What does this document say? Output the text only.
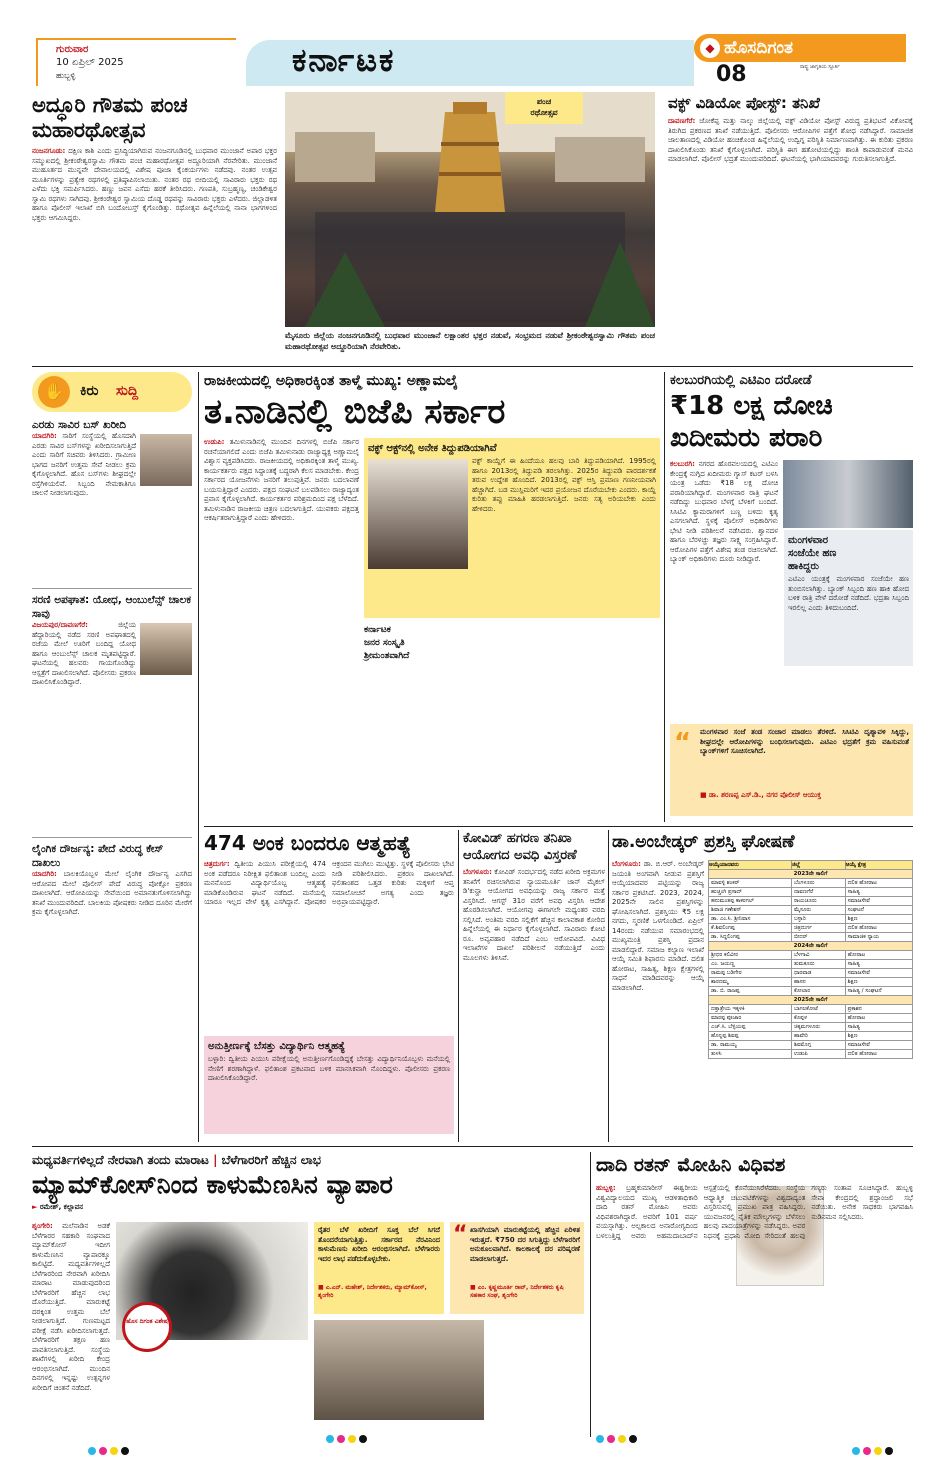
ಗುರುವಾರ
10 ಏಪ್ರಿಲ್ 2025
ಹುಬ್ಬಳ್ಳಿ	ಕರ್ನಾಟಕ	◆ ಹೊಸದಿಗಂತ
ರಾಷ್ಟ್ರ ಜಾಗೃತಿಯ ಸ್ಫೂರ್ತಿ
08
ಅದ್ಧೂರಿ ಗೌತಮ ಪಂಚ ಮಹಾರಥೋತ್ಸವ
ನಂಜನಗೂಡು: ದಕ್ಷಿಣ ಕಾಶಿ ಎಂದು ಪ್ರಸಿದ್ಧಿಯಾಗಿರುವ ನಂಜನಗೂಡಿನಲ್ಲಿ ಬುಧವಾರ ಮುಂಜಾನೆ ಅಪಾರ ಭಕ್ತರ ಸಮ್ಮುಖದಲ್ಲಿ ಶ್ರೀಕಂಠೇಶ್ವರಸ್ವಾಮಿ ಗೌತಮ ಪಂಚ ಮಹಾರಥೋತ್ಸವ ಅದ್ದೂರಿಯಾಗಿ ನೆರವೇರಿತು. ಮುಂಜಾನೆ ಮುಹೂರ್ತದ ಮುನ್ನವೇ ದೇವಾಲಯದಲ್ಲಿ ವಿಶೇಷ ಪೂಜಾ ಕೈಂಕರ್ಯಗಳು ನಡೆದವು. ನಂತರ ಉತ್ಸವ ಮೂರ್ತಿಗಳನ್ನು ಪ್ರತ್ಯೇಕ ರಥಗಳಲ್ಲಿ ಪ್ರತಿಷ್ಠಾಪಿಸಲಾಯಿತು. ನಂತರ ರಥ ಬೀದಿಯಲ್ಲಿ ಸಾವಿರಾರು ಭಕ್ತರು ರಥ ಎಳೆದು ಭಕ್ತಿ ಸಮರ್ಪಿಸಿದರು. ಹಣ್ಣು ಜವನ ಎಸೆದು ಹರಕೆ ತೀರಿಸಿದರು. ಗಣಪತಿ, ಸುಬ್ರಹ್ಮಣ್ಯ, ಚಂಡಿಕೇಶ್ವರ ಸ್ವಾಮಿ ರಥಗಳು ಸಾಗಿದವು. ಶ್ರೀಕಂಠೇಶ್ವರ ಸ್ವಾಮಿಯ ದೊಡ್ಡ ರಥವನ್ನು ಸಾವಿರಾರು ಭಕ್ತರು ಎಳೆದರು. ಜಿಲ್ಲಾಡಳಿತ ಹಾಗೂ ಪೊಲೀಸ್ ಇಲಾಖೆ ಬಿಗಿ ಬಂದೋಬಸ್ತ್ ಕೈಗೊಂಡಿತ್ತು. ರಥೋತ್ಸವ ಹಿನ್ನೆಲೆಯಲ್ಲಿ ನಾನಾ ಭಾಗಗಳಿಂದ ಭಕ್ತರು ಆಗಮಿಸಿದ್ದರು.
ಪಂಚ
ರಥೋತ್ಸವ
ಮೈಸೂರು ಜಿಲ್ಲೆಯ ನಂಜನಗೂಡಿನಲ್ಲಿ ಬುಧವಾರ ಮುಂಜಾನೆ ಲಕ್ಷಾಂತರ ಭಕ್ತರ ನಡುವೆ, ಸಂಭ್ರಮದ ನಡುವೆ ಶ್ರೀಕಂಠೇಶ್ವರಸ್ವಾಮಿ ಗೌತಮ ಪಂಚ ಮಹಾರಥೋತ್ಸವ ಅದ್ದೂರಿಯಾಗಿ ನೆರವೇರಿತು.
ವಕ್ಫ್ ವಿಡಿಯೋ ಪೋಸ್ಟ್: ತನಿಖೆ
ದಾವಣಗೆರೆ: ಜೋಕೆಪ್ಪ ಮತ್ತು ನಾಲ್ಕು ಜಿಲ್ಲೆಯಲ್ಲಿ ವಕ್ಫ್ ವಿಡಿಯೋ ಪೋಸ್ಟ್ ವಿರುದ್ಧ ಪ್ರತಿಭಟನೆ ವಿಕೋಪಕ್ಕೆ ತಿರುಗಿದ ಪ್ರಕರಣದ ತನಿಖೆ ನಡೆಯುತ್ತಿದೆ. ಪೊಲೀಸರು ಆರೋಪಿಗಳ ಪತ್ತೆಗೆ ಶೋಧ ನಡೆಸಿದ್ದಾರೆ. ಸಾಮಾಜಿಕ ಜಾಲತಾಣದಲ್ಲಿ ವಿಡಿಯೋ ಹಂಚಿಕೊಂಡ ಹಿನ್ನೆಲೆಯಲ್ಲಿ ಉದ್ವಿಗ್ನ ಪರಿಸ್ಥಿತಿ ನಿರ್ಮಾಣವಾಗಿತ್ತು. ಈ ಕುರಿತು ಪ್ರಕರಣ ದಾಖಲಿಸಿಕೊಂಡು ತನಿಖೆ ಕೈಗೊಳ್ಳಲಾಗಿದೆ. ಪರಿಸ್ಥಿತಿ ಈಗ ಹತೋಟಿಯಲ್ಲಿದ್ದು ಶಾಂತಿ ಕಾಪಾಡುವಂತೆ ಮನವಿ ಮಾಡಲಾಗಿದೆ. ಪೊಲೀಸ್ ಭದ್ರತೆ ಮುಂದುವರಿದಿದೆ. ಘಟನೆಯಲ್ಲಿ ಭಾಗಿಯಾದವರನ್ನು ಗುರುತಿಸಲಾಗುತ್ತಿದೆ.
✋	ಕಿರು ಸುದ್ದಿ
ಎರಡು ಸಾವಿರ ಬಸ್ ಖರೀದಿ
ಯಾದಗಿರಿ: ಸಾರಿಗೆ ಸಂಸ್ಥೆಯಲ್ಲಿ ಹೊಸದಾಗಿ ಎರಡು ಸಾವಿರ ಬಸ್‌ಗಳನ್ನು ಖರೀದಿಸಲಾಗುತ್ತಿದೆ ಎಂದು ಸಾರಿಗೆ ಸಚಿವರು ತಿಳಿಸಿದರು. ಗ್ರಾಮೀಣ ಭಾಗದ ಜನರಿಗೆ ಉತ್ತಮ ಸೇವೆ ನೀಡಲು ಕ್ರಮ ಕೈಗೊಳ್ಳಲಾಗಿದೆ. ಹೊಸ ಬಸ್‌ಗಳು ಶೀಘ್ರದಲ್ಲೇ ರಸ್ತೆಗಿಳಿಯಲಿವೆ. ಸಿಬ್ಬಂದಿ ನೇಮಕಾತಿಗೂ ಚಾಲನೆ ನೀಡಲಾಗುವುದು.
ಸರಣಿ ಅಪಘಾತ: ಯೋಧ, ಆಂಬುಲೆನ್ಸ್ ಚಾಲಕ ಸಾವು
ವಿಜಯಪುರ/ದಾವಣಗೆರೆ:	ಜಿಲ್ಲೆಯ ಹೆದ್ದಾರಿಯಲ್ಲಿ ನಡೆದ ಸರಣಿ ಅಪಘಾತದಲ್ಲಿ ರಜೆಯ ಮೇಲೆ ಊರಿಗೆ ಬಂದಿದ್ದ ಯೋಧ ಹಾಗೂ ಆಂಬುಲೆನ್ಸ್ ಚಾಲಕ ಮೃತಪಟ್ಟಿದ್ದಾರೆ. ಘಟನೆಯಲ್ಲಿ ಹಲವರು ಗಾಯಗೊಂಡಿದ್ದು ಆಸ್ಪತ್ರೆಗೆ ದಾಖಲಿಸಲಾಗಿದೆ. ಪೊಲೀಸರು ಪ್ರಕರಣ ದಾಖಲಿಸಿಕೊಂಡಿದ್ದಾರೆ.
ಲೈಂಗಿಕ ದೌರ್ಜನ್ಯ: ಪೇದೆ ವಿರುದ್ಧ ಕೇಸ್ ದಾಖಲು
ಯಾದಗಿರಿ: ಬಾಲಕಿಯೊಬ್ಬಳ ಮೇಲೆ ಲೈಂಗಿಕ ದೌರ್ಜನ್ಯ ಎಸಗಿದ ಆರೋಪದ ಮೇಲೆ ಪೊಲೀಸ್ ಪೇದೆ ವಿರುದ್ಧ ಪೋಕ್ಸೋ ಪ್ರಕರಣ ದಾಖಲಾಗಿದೆ. ಆರೋಪಿಯನ್ನು ಸೇವೆಯಿಂದ ಅಮಾನತುಗೊಳಿಸಲಾಗಿದ್ದು ತನಿಖೆ ಮುಂದುವರಿದಿದೆ. ಬಾಲಕಿಯ ಪೋಷಕರು ನೀಡಿದ ದೂರಿನ ಮೇರೆಗೆ ಕ್ರಮ ಕೈಗೊಳ್ಳಲಾಗಿದೆ.
ರಾಜಕೀಯದಲ್ಲಿ ಅಧಿಕಾರಕ್ಕಿಂತ ತಾಳ್ಮೆ ಮುಖ್ಯ: ಅಣ್ಣಾಮಲೈ
ತ.ನಾಡಿನಲ್ಲಿ ಬಿಜೆಪಿ ಸರ್ಕಾರ
ಉಡುಪಿ: ತಮಿಳುನಾಡಿನಲ್ಲಿ ಮುಂದಿನ ದಿನಗಳಲ್ಲಿ ಬಿಜೆಪಿ ಸರ್ಕಾರ ರಚನೆಯಾಗಲಿದೆ ಎಂದು ಬಿಜೆಪಿ ತಮಿಳುನಾಡು ರಾಜ್ಯಾಧ್ಯಕ್ಷ ಅಣ್ಣಾಮಲೈ ವಿಶ್ವಾಸ ವ್ಯಕ್ತಪಡಿಸಿದರು. ರಾಜಕೀಯದಲ್ಲಿ ಅಧಿಕಾರಕ್ಕಿಂತ ತಾಳ್ಮೆ ಮುಖ್ಯ. ಕಾರ್ಯಕರ್ತರು ಪಕ್ಷದ ಸಿದ್ಧಾಂತಕ್ಕೆ ಬದ್ಧರಾಗಿ ಕೆಲಸ ಮಾಡಬೇಕು. ಕೇಂದ್ರ ಸರ್ಕಾರದ ಯೋಜನೆಗಳು ಜನರಿಗೆ ತಲುಪುತ್ತಿವೆ. ಜನರು ಬದಲಾವಣೆ ಬಯಸುತ್ತಿದ್ದಾರೆ ಎಂದರು. ಪಕ್ಷದ ಸಂಘಟನೆ ಬಲಪಡಿಸಲು ರಾಜ್ಯಾದ್ಯಂತ ಪ್ರವಾಸ ಕೈಗೊಳ್ಳಲಾಗಿದೆ. ಕಾರ್ಯಕರ್ತರ ಪರಿಶ್ರಮದಿಂದ ಪಕ್ಷ ಬೆಳೆದಿದೆ. ತಮಿಳುನಾಡಿನ ರಾಜಕೀಯ ಚಿತ್ರಣ ಬದಲಾಗುತ್ತಿದೆ. ಯುವಕರು ಪಕ್ಷದತ್ತ ಆಕರ್ಷಿತರಾಗುತ್ತಿದ್ದಾರೆ ಎಂದು ಹೇಳಿದರು.
ವಕ್ಫ್ ಆಕ್ಟ್‌ನಲ್ಲಿ ಅನೇಕ ತಿದ್ದುಪಡಿಯಾಗಿವೆ
ವಕ್ಫ್ ಕಾಯ್ದೆಗೆ ಈ ಹಿಂದೆಯೂ ಹಲವು ಬಾರಿ ತಿದ್ದುಪಡಿಯಾಗಿದೆ. 1995ರಲ್ಲಿ ಹಾಗೂ 2013ರಲ್ಲಿ ತಿದ್ದುಪಡಿ ತರಲಾಗಿತ್ತು. 2025ರ ತಿದ್ದುಪಡಿ ಪಾರದರ್ಶಕತೆ ತರುವ ಉದ್ದೇಶ ಹೊಂದಿದೆ. 2013ರಲ್ಲಿ ವಕ್ಫ್ ಆಸ್ತಿ ಪ್ರಮಾಣ ಗಣನೀಯವಾಗಿ ಹೆಚ್ಚಾಗಿದೆ. ಬಡ ಮುಸ್ಲಿಮರಿಗೆ ಇದರ ಪ್ರಯೋಜನ ದೊರೆಯಬೇಕು ಎಂದರು. ಕಾಯ್ದೆ ಕುರಿತು ತಪ್ಪು ಮಾಹಿತಿ ಹರಡಲಾಗುತ್ತಿದೆ. ಜನರು ಸತ್ಯ ಅರಿಯಬೇಕು ಎಂದು ಹೇಳಿದರು.
ಕರ್ನಾಟಕ
ಜನರ ಸಂಸ್ಕೃತಿ
ಶ್ರೀಮಂತವಾಗಿದೆ
ಕಲಬುರಗಿಯಲ್ಲಿ ಎಟಿಎಂ ದರೋಡೆ
₹18 ಲಕ್ಷ ದೋಚಿ ಖದೀಮರು ಪರಾರಿ
ಕಲಬುರಗಿ: ನಗರದ ಹೊರವಲಯದಲ್ಲಿ ಎಟಿಎಂ ಕೇಂದ್ರಕ್ಕೆ ನುಗ್ಗಿದ ಖದೀಮರು ಗ್ಯಾಸ್ ಕಟರ್ ಬಳಸಿ ಯಂತ್ರ ಒಡೆದು ₹18 ಲಕ್ಷ ದೋಚಿ ಪರಾರಿಯಾಗಿದ್ದಾರೆ. ಮಂಗಳವಾರ ರಾತ್ರಿ ಘಟನೆ ನಡೆದಿದ್ದು ಬುಧವಾರ ಬೆಳಗ್ಗೆ ಬೆಳಕಿಗೆ ಬಂದಿದೆ. ಸಿಸಿಟಿವಿ ಕ್ಯಾಮರಾಗಳಿಗೆ ಬಣ್ಣ ಬಳಿದು ಕೃತ್ಯ ಎಸಗಲಾಗಿದೆ. ಸ್ಥಳಕ್ಕೆ ಪೊಲೀಸ್ ಅಧಿಕಾರಿಗಳು ಭೇಟಿ ನೀಡಿ ಪರಿಶೀಲನೆ ನಡೆಸಿದರು. ಶ್ವಾನದಳ ಹಾಗೂ ಬೆರಳಚ್ಚು ತಜ್ಞರು ಸಾಕ್ಷ್ಯ ಸಂಗ್ರಹಿಸಿದ್ದಾರೆ. ಆರೋಪಿಗಳ ಪತ್ತೆಗೆ ವಿಶೇಷ ತಂಡ ರಚಿಸಲಾಗಿದೆ. ಬ್ಯಾಂಕ್ ಅಧಿಕಾರಿಗಳು ದೂರು ನೀಡಿದ್ದಾರೆ.
ಮಂಗಳವಾರ
ಸಂಜೆಯೇ ಹಣ
ಹಾಕಿದ್ದರು
ಎಟಿಎಂ ಯಂತ್ರಕ್ಕೆ ಮಂಗಳವಾರ ಸಂಜೆಯೇ ಹಣ ತುಂಬಿಸಲಾಗಿತ್ತು. ಬ್ಯಾಂಕ್ ಸಿಬ್ಬಂದಿ ಹಣ ಹಾಕಿ ಹೋದ ಬಳಿಕ ರಾತ್ರಿ ವೇಳೆ ದರೋಡೆ ನಡೆದಿದೆ. ಭದ್ರತಾ ಸಿಬ್ಬಂದಿ ಇರಲಿಲ್ಲ ಎಂದು ತಿಳಿದುಬಂದಿದೆ.
“ ಮಂಗಳವಾರ ಸಂಜೆ ತಂಡ ಸಂಚಾರ ಮಾಡಲು ತೆರಳಿದೆ. ಸಿಸಿಟಿವಿ ದೃಶ್ಯಾವಳಿ ಸಿಕ್ಕಿದ್ದು, ಶೀಘ್ರದಲ್ಲೇ ಆರೋಪಿಗಳನ್ನು ಬಂಧಿಸಲಾಗುವುದು. ಎಟಿಎಂ ಭದ್ರತೆಗೆ ಕ್ರಮ ವಹಿಸುವಂತೆ ಬ್ಯಾಂಕ್‌ಗಳಿಗೆ ಸೂಚಿಸಲಾಗಿದೆ.
■ ಡಾ. ಶರಣಪ್ಪ ಎಸ್.ಡಿ., ನಗರ ಪೊಲೀಸ್ ಆಯುಕ್ತ
474 ಅಂಕ ಬಂದರೂ ಆತ್ಮಹತ್ಯೆ
ಚಿತ್ರದುರ್ಗ: ದ್ವಿತೀಯ ಪಿಯುಸಿ ಪರೀಕ್ಷೆಯಲ್ಲಿ 474 ಅಂಕ ಪಡೆದರೂ ನಿರೀಕ್ಷಿತ ಫಲಿತಾಂಶ ಬಂದಿಲ್ಲ ಎಂದು ಮನನೊಂದ ವಿದ್ಯಾರ್ಥಿಯೊಬ್ಬ ಆತ್ಮಹತ್ಯೆ ಮಾಡಿಕೊಂಡಿರುವ ಘಟನೆ ನಡೆದಿದೆ. ಮನೆಯಲ್ಲಿ ಯಾರೂ ಇಲ್ಲದ ವೇಳೆ ಕೃತ್ಯ ಎಸಗಿದ್ದಾನೆ. ಪೋಷಕರ ಆಕ್ರಂದನ ಮುಗಿಲು ಮುಟ್ಟಿತ್ತು. ಸ್ಥಳಕ್ಕೆ ಪೊಲೀಸರು ಭೇಟಿ ನೀಡಿ ಪರಿಶೀಲಿಸಿದರು. ಪ್ರಕರಣ ದಾಖಲಾಗಿದೆ. ಫಲಿತಾಂಶದ ಒತ್ತಡ ಕುರಿತು ಮಕ್ಕಳಿಗೆ ಆಪ್ತ ಸಮಾಲೋಚನೆ ಅಗತ್ಯ ಎಂದು ತಜ್ಞರು ಅಭಿಪ್ರಾಯಪಟ್ಟಿದ್ದಾರೆ.
ಅನುತ್ತೀರ್ಣಕ್ಕೆ ಬೆಸತ್ತು ವಿದ್ಯಾರ್ಥಿನಿ ಆತ್ಮಹತ್ಯೆ
ಬಳ್ಳಾರಿ: ದ್ವಿತೀಯ ಪಿಯುಸಿ ಪರೀಕ್ಷೆಯಲ್ಲಿ ಅನುತ್ತೀರ್ಣಗೊಂಡಿದ್ದಕ್ಕೆ ಬೇಸತ್ತು ವಿದ್ಯಾರ್ಥಿನಿಯೊಬ್ಬಳು ಮನೆಯಲ್ಲಿ ನೇಣಿಗೆ ಶರಣಾಗಿದ್ದಾಳೆ. ಫಲಿತಾಂಶ ಪ್ರಕಟವಾದ ಬಳಿಕ ಮಾನಸಿಕವಾಗಿ ನೊಂದಿದ್ದಳು. ಪೊಲೀಸರು ಪ್ರಕರಣ ದಾಖಲಿಸಿಕೊಂಡಿದ್ದಾರೆ.
ಕೋವಿಡ್ ಹಗರಣ ತನಿಖಾ ಆಯೋಗದ ಅವಧಿ ವಿಸ್ತರಣೆ
ಬೆಂಗಳೂರು: ಕೋವಿಡ್ ಸಂದರ್ಭದಲ್ಲಿ ನಡೆದ ಖರೀದಿ ಅಕ್ರಮಗಳ ತನಿಖೆಗೆ ರಚಿಸಲಾಗಿರುವ ನ್ಯಾಯಮೂರ್ತಿ ಜಾನ್ ಮೈಕಲ್ ಡಿ'ಕುನ್ಹಾ ಆಯೋಗದ ಅವಧಿಯನ್ನು ರಾಜ್ಯ ಸರ್ಕಾರ ಮತ್ತೆ ವಿಸ್ತರಿಸಿದೆ. ಆಗಸ್ಟ್ 31ರ ವರೆಗೆ ಅವಧಿ ವಿಸ್ತರಿಸಿ ಆದೇಶ ಹೊರಡಿಸಲಾಗಿದೆ. ಆಯೋಗವು ಈಗಾಗಲೇ ಮಧ್ಯಂತರ ವರದಿ ಸಲ್ಲಿಸಿದೆ. ಅಂತಿಮ ವರದಿ ಸಲ್ಲಿಕೆಗೆ ಹೆಚ್ಚಿನ ಕಾಲಾವಕಾಶ ಕೋರಿದ ಹಿನ್ನೆಲೆಯಲ್ಲಿ ಈ ನಿರ್ಧಾರ ಕೈಗೊಳ್ಳಲಾಗಿದೆ. ಸಾವಿರಾರು ಕೋಟಿ ರೂ. ಅವ್ಯವಹಾರ ನಡೆದಿದೆ ಎಂಬ ಆರೋಪವಿದೆ. ವಿವಿಧ ಇಲಾಖೆಗಳ ದಾಖಲೆ ಪರಿಶೀಲನೆ ನಡೆಯುತ್ತಿದೆ ಎಂದು ಮೂಲಗಳು ತಿಳಿಸಿವೆ.
ಡಾ.ಅಂಬೇಡ್ಕರ್ ಪ್ರಶಸ್ತಿ ಘೋಷಣೆ
ಬೆಂಗಳೂರು: ಡಾ. ಬಿ.ಆರ್. ಅಂಬೇಡ್ಕರ್ ಜಯಂತಿ ಅಂಗವಾಗಿ ನೀಡುವ ಪ್ರಶಸ್ತಿಗೆ ಆಯ್ಕೆಯಾದವರ ಪಟ್ಟಿಯನ್ನು ರಾಜ್ಯ ಸರ್ಕಾರ ಪ್ರಕಟಿಸಿದೆ. 2023, 2024, 2025ನೇ ಸಾಲಿನ ಪ್ರಶಸ್ತಿಗಳನ್ನು ಘೋಷಿಸಲಾಗಿದೆ. ಪ್ರಶಸ್ತಿಯು ₹5 ಲಕ್ಷ ನಗದು, ಸ್ಮರಣಿಕೆ ಒಳಗೊಂಡಿದೆ. ಏಪ್ರಿಲ್ 14ರಂದು ನಡೆಯುವ ಸಮಾರಂಭದಲ್ಲಿ ಮುಖ್ಯಮಂತ್ರಿ ಪ್ರಶಸ್ತಿ ಪ್ರದಾನ ಮಾಡಲಿದ್ದಾರೆ. ಸಮಾಜ ಕಲ್ಯಾಣ ಇಲಾಖೆ ಆಯ್ಕೆ ಸಮಿತಿ ಶಿಫಾರಸು ಮಾಡಿದೆ. ದಲಿತ ಹೋರಾಟ, ಸಾಹಿತ್ಯ, ಶಿಕ್ಷಣ ಕ್ಷೇತ್ರಗಳಲ್ಲಿ ಸಾಧನೆ ಮಾಡಿದವರನ್ನು ಆಯ್ಕೆ ಮಾಡಲಾಗಿದೆ.
ಆಯ್ಕೆಯಾದವರು	ಜಿಲ್ಲೆ	ಆಯ್ಕೆ ಕ್ಷೇತ್ರ
2023ನೇ ಸಾಲಿಗೆ		
ಮಾವಳ್ಳಿ ಶಂಕರ್	ಬೆಂಗಳೂರು	ದಲಿತ ಹೋರಾಟ
ಹುಚ್ಚಂಗಿ ಪ್ರಸಾದ್	ದಾವಣಗೆರೆ	ಸಾಹಿತ್ಯ
ಹನುಮಂತಪ್ಪ ಕಾಕರಗಲ್	ರಾಯಚೂರು	ಸಮಾಜಸೇವೆ
ಶಿವಾಜಿ ಗಣೇಶನ್	ಮೈಸೂರು	ಸಂಘಟನೆ
ಡಾ. ಎಂ.ಸಿ. ಶ್ರೀನಿವಾಸ	ಬಳ್ಳಾರಿ	ಶಿಕ್ಷಣ
ಕೆ.ಶಿವಲಿಂಗಪ್ಪ	ಚಿತ್ರದುರ್ಗ	ದಲಿತ ಹೋರಾಟ
ಡಾ. ಸಿದ್ದಲಿಂಗಪ್ಪ	ಬೀದರ್	ಸಾಮಾಜಿಕ ನ್ಯಾಯ
2024ನೇ ಸಾಲಿಗೆ		
ಶ್ರೀಧರ ಕಲಿವೀರ	ಬೆಳಗಾವಿ	ಹೋರಾಟ
ಎಂ. ಜಯಣ್ಣ	ತುಮಕೂರು	ಸಾಹಿತ್ಯ
ರಾಮಪ್ಪ ಬಡಿಗೇರ	ಧಾರವಾಡ	ಸಮಾಜಸೇವೆ
ಶಾರದಮ್ಮ	ಹಾಸನ	ಶಿಕ್ಷಣ
ಡಾ. ಬಿ. ರಾಜಪ್ಪ	ಕೋಲಾರ	ಸಾಹಿತ್ಯ / ಸಂಘಟನೆ
2025ನೇ ಸಾಲಿಗೆ		
ದತ್ತಾತ್ರೇಯ ಇಕ್ಕಳಕಿ	ಬಾಗಲಕೋಟೆ	ಪ್ರಕಾಶನ
ಮಾರಪ್ಪ ಪೂಜಾರ	ಕೊಪ್ಪಳ	ಹೋರಾಟ
ಎಚ್.ಸಿ. ಬೆಳ್ಳಿಯಪ್ಪ	ಚಿಕ್ಕಮಗಳೂರು	ಸಾಹಿತ್ಯ
ಹೊನ್ನಪ್ಪ ಶಿವಪ್ಪ	ಹಾವೇರಿ	ಶಿಕ್ಷಣ
ಡಾ. ರಾಮಯ್ಯ	ಶಿವಮೊಗ್ಗ	ಸಮಾಜಸೇವೆ
ತುಳಸಿ	ಉಡುಪಿ	ದಲಿತ ಹೋರಾಟ
ಮಧ್ಯವರ್ತಿಗಳಿಲ್ಲದೆ ನೇರವಾಗಿ ತಂದು ಮಾರಾಟ | ಬೆಳೆಗಾರರಿಗೆ ಹೆಚ್ಚಿನ ಲಾಭ
ಮ್ಯಾಮ್‌ಕೋಸ್‌ನಿಂದ ಕಾಳುಮೆಣಸಿನ ವ್ಯಾಪಾರ
► ರಮೇಶ್, ಕಲ್ಲಾವನ
ಶೃಂಗೇರಿ: ಮಲೆನಾಡಿನ ಅಡಕೆ ಬೆಳೆಗಾರರ ಸಹಕಾರಿ ಸಂಘವಾದ ಮ್ಯಾಮ್‌ಕೋಸ್ ಇದೀಗ ಕಾಳುಮೆಣಸಿನ ವ್ಯಾಪಾರಕ್ಕೂ ಕಾಲಿಟ್ಟಿದೆ. ಮಧ್ಯವರ್ತಿಗಳಿಲ್ಲದೆ ಬೆಳೆಗಾರರಿಂದ ನೇರವಾಗಿ ಖರೀದಿಸಿ ಮಾರಾಟ ಮಾಡುವುದರಿಂದ ಬೆಳೆಗಾರರಿಗೆ ಹೆಚ್ಚಿನ ಲಾಭ ದೊರೆಯುತ್ತಿದೆ. ಮಾರುಕಟ್ಟೆ ದರಕ್ಕಿಂತ ಉತ್ತಮ ಬೆಲೆ ನೀಡಲಾಗುತ್ತಿದೆ. ಗುಣಮಟ್ಟದ ಪರೀಕ್ಷೆ ನಡೆಸಿ ಖರೀದಿಸಲಾಗುತ್ತದೆ. ಬೆಳೆಗಾರರಿಗೆ ತಕ್ಷಣ ಹಣ ಪಾವತಿಸಲಾಗುತ್ತಿದೆ. ಸಂಸ್ಥೆಯ ಶಾಖೆಗಳಲ್ಲಿ ಖರೀದಿ ಕೇಂದ್ರ ಆರಂಭಿಸಲಾಗಿದೆ. ಮುಂದಿನ ದಿನಗಳಲ್ಲಿ ಇನ್ನಷ್ಟು ಉತ್ಪನ್ನಗಳ ಖರೀದಿಗೆ ಚಿಂತನೆ ನಡೆದಿದೆ.
ಹೊಸ ದಿಗಂತ ವಿಶೇಷ
ರೈತರ ಬೆಳೆ ಖರೀದಿಗೆ ಸೂಕ್ತ ಬೆಲೆ ಸಿಗದೆ ತೊಂದರೆಯಾಗುತ್ತಿತ್ತು. ಸರ್ಕಾರದ ನೆರವಿನಿಂದ ಕಾಳುಮೆಣಸು ಖರೀದಿ ಆರಂಭಿಸಲಾಗಿದೆ. ಬೆಳೆಗಾರರು ಇದರ ಲಾಭ ಪಡೆದುಕೊಳ್ಳಬೇಕು.
■ ಎ.ಎನ್. ಮಹೇಶ್, ನಿರ್ದೇಶಕರು, ಮ್ಯಾಮ್‌ಕೋಸ್, ಶೃಂಗೇರಿ
“ ಖಾಸಗಿಯಾಗಿ ಮಾರುಕಟ್ಟೆಯಲ್ಲಿ ಹೆಚ್ಚಿನ ಏರಿಳಿತ ಇರುತ್ತದೆ. ₹750 ದರ ಸಿಗುತ್ತಿದ್ದು ಬೆಳೆಗಾರರಿಗೆ ಅನುಕೂಲವಾಗಿದೆ. ಕಾಲಕಾಲಕ್ಕೆ ದರ ಪರಿಷ್ಕರಣೆ ಮಾಡಲಾಗುತ್ತದೆ.
■ ಎಂ. ಕೃಷ್ಣಮೂರ್ತಿ ರಾವ್, ನಿರ್ದೇಶಕರು ಕೃಷಿ ಸಹಕಾರ ಸಂಘ, ಶೃಂಗೇರಿ
ದಾದಿ ರತನ್ ಮೋಹಿನಿ ವಿಧಿವಶ
ಹುಬ್ಬಳ್ಳಿ: ಬ್ರಹ್ಮಕುಮಾರೀಸ್ ಈಶ್ವರೀಯ ವಿಶ್ವವಿದ್ಯಾಲಯದ ಮುಖ್ಯ ಆಡಳಿತಾಧಿಕಾರಿ ದಾದಿ ರತನ್ ಮೋಹಿನಿ ಅವರು ವಿಧಿವಶರಾಗಿದ್ದಾರೆ. ಅವರಿಗೆ 101 ವರ್ಷ ವಯಸ್ಸಾಗಿತ್ತು. ಅಲ್ಪಕಾಲದ ಅನಾರೋಗ್ಯದಿಂದ ಬಳಲುತ್ತಿದ್ದ ಅವರು ಅಹಮದಾಬಾದ್‌ನ ಆಸ್ಪತ್ರೆಯಲ್ಲಿ ಕೊನೆಯುಸಿರೆಳೆದರು. ಸಂಸ್ಥೆಯ ಆಧ್ಯಾತ್ಮಿಕ ಚಟುವಟಿಕೆಗಳನ್ನು ವಿಶ್ವದಾದ್ಯಂತ ವಿಸ್ತರಿಸುವಲ್ಲಿ ಪ್ರಮುಖ ಪಾತ್ರ ವಹಿಸಿದ್ದರು. ಯುವಜನರಲ್ಲಿ ನೈತಿಕ ಮೌಲ್ಯಗಳನ್ನು ಬೆಳೆಸಲು ಹಲವು ಪಾದಯಾತ್ರೆಗಳನ್ನು ನಡೆಸಿದ್ದರು. ಅವರ ನಿಧನಕ್ಕೆ ಪ್ರಧಾನಿ ಮೋದಿ ಸೇರಿದಂತೆ ಹಲವು ಗಣ್ಯರು ಸಂತಾಪ ಸೂಚಿಸಿದ್ದಾರೆ. ಹುಬ್ಬಳ್ಳಿ ಸೇವಾ ಕೇಂದ್ರದಲ್ಲಿ ಶ್ರದ್ಧಾಂಜಲಿ ಸಭೆ ನಡೆಯಿತು. ಅನೇಕ ಸಾಧಕರು ಭಾಗವಹಿಸಿ ನುಡಿನಮನ ಸಲ್ಲಿಸಿದರು.
